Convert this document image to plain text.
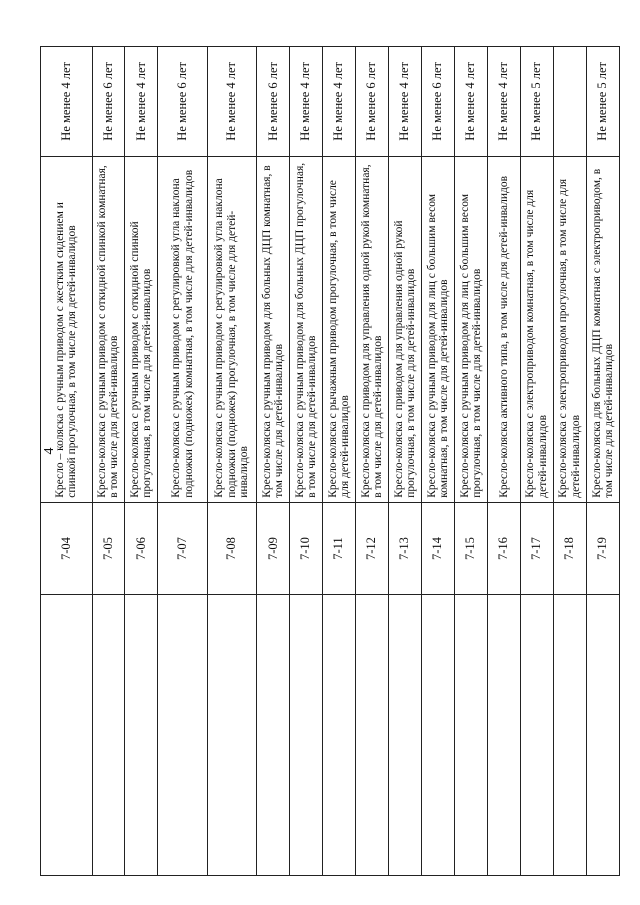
4
	7-04	Кресло – коляска с ручным приводом с жестким сидением и спинкой прогулочная, в том числе для детей-инвалидов	Не менее 4 лет
	7-05	Кресло-коляска с ручным приводом с откидной спинкой комнатная, в том числе для детей-инвалидов	Не менее 6 лет
	7-06	Кресло-коляска с ручным приводом с откидной спинкой прогулочная, в том числе для детей-инвалидов	Не менее 4 лет
	7-07	Кресло-коляска с ручным приводом с регулировкой угла наклона подножки (подножек) комнатная, в том числе для детей-инвалидов	Не менее 6 лет
	7-08	Кресло-коляска с ручным приводом с регулировкой угла наклона подножки (подножек) прогулочная, в том числе для детей-инвалидов	Не менее 4 лет
	7-09	Кресло-коляска с ручным приводом для больных ДЦП комнатная, в том числе для детей-инвалидов	Не менее 6 лет
	7-10	Кресло-коляска с ручным приводом для больных ДЦП прогулочная, в том числе для детей-инвалидов	Не менее 4 лет
	7-11	Кресло-коляска с рычажным приводом прогулочная, в том числе для детей-инвалидов	Не менее 4 лет
	7-12	Кресло-коляска с приводом для управления одной рукой комнатная, в том числе для детей-инвалидов	Не менее 6 лет
	7-13	Кресло-коляска с приводом для управления одной рукой прогулочная, в том числе для детей-инвалидов	Не менее 4 лет
	7-14	Кресло-коляска с ручным приводом для лиц с большим весом комнатная, в том числе для детей-инвалидов	Не менее 6 лет
	7-15	Кресло-коляска с ручным приводом для лиц с большим весом прогулочная, в том числе для детей-инвалидов	Не менее 4 лет
	7-16	Кресло-коляска активного типа, в том числе для детей-инвалидов	Не менее 4 лет
	7-17	Кресло-коляска с электроприводом комнатная, в том числе для детей-инвалидов	Не менее 5 лет
	7-18	Кресло-коляска с электроприводом прогулочная, в том числе для детей-инвалидов	
	7-19	Кресло-коляска для больных ДЦП комнатная с электроприводом, в том числе для детей-инвалидов	Не менее 5 лет
